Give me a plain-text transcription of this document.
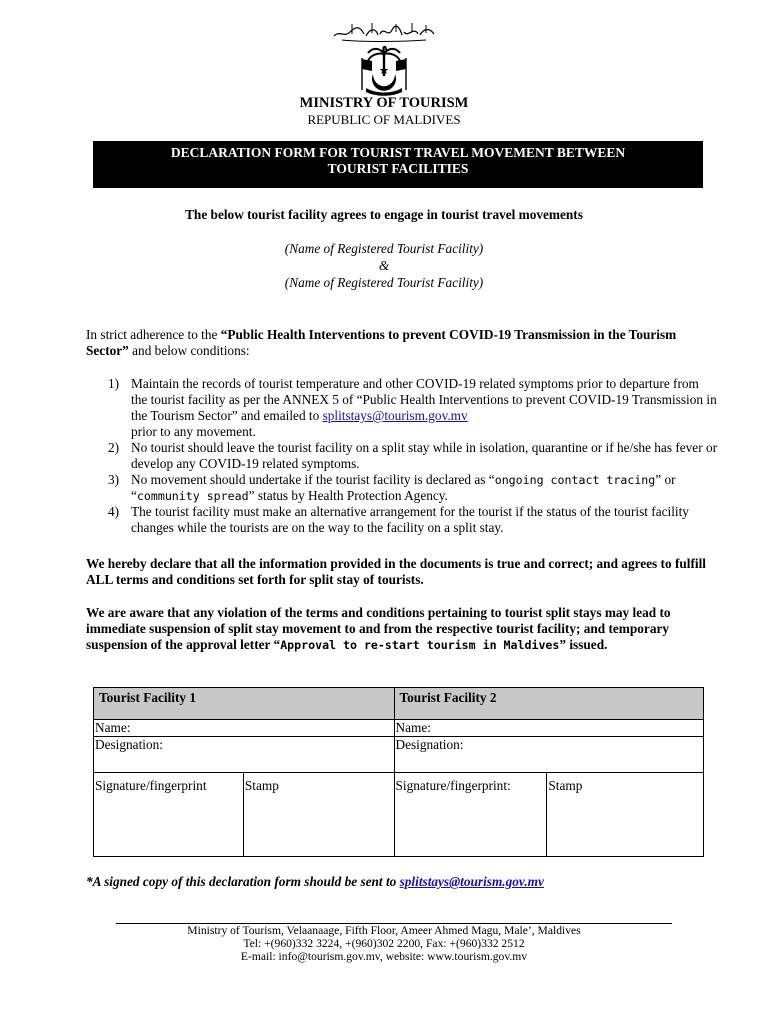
MINISTRY OF TOURISM
REPUBLIC OF MALDIVES
DECLARATION FORM FOR TOURIST TRAVEL MOVEMENT BETWEEN
TOURIST FACILITIES
The below tourist facility agrees to engage in tourist travel movements
(Name of Registered Tourist Facility)
&
(Name of Registered Tourist Facility)
In strict adherence to the “Public Health Interventions to prevent COVID-19 Transmission in the Tourism Sector” and below conditions:
1) Maintain the records of tourist temperature and other COVID-19 related symptoms prior to departure from the tourist facility as per the ANNEX 5 of “Public Health Interventions to prevent COVID-19 Transmission in the Tourism Sector” and emailed to splitstays@tourism.gov.mv
prior to any movement.
2) No tourist should leave the tourist facility on a split stay while in isolation, quarantine or if he/she has fever or develop any COVID-19 related symptoms.
3) No movement should undertake if the tourist facility is declared as “ongoing contact tracing” or “community spread” status by Health Protection Agency.
4) The tourist facility must make an alternative arrangement for the tourist if the status of the tourist facility changes while the tourists are on the way to the facility on a split stay.
We hereby declare that all the information provided in the documents is true and correct; and agrees to fulfill ALL terms and conditions set forth for split stay of tourists.
We are aware that any violation of the terms and conditions pertaining to tourist split stays may lead to immediate suspension of split stay movement to and from the respective tourist facility; and temporary suspension of the approval letter “Approval to re-start tourism in Maldives” issued.
Tourist Facility 1		Tourist Facility 2	
Name:		Name:	
Designation:		Designation:	
Signature/fingerprint	Stamp	Signature/fingerprint:	Stamp
*A signed copy of this declaration form should be sent to splitstays@tourism.gov.mv
Ministry of Tourism, Velaanaage, Fifth Floor, Ameer Ahmed Magu, Male’, Maldives
Tel: +(960)332 3224, +(960)302 2200, Fax: +(960)332 2512
E-mail: info@tourism.gov.mv, website: www.tourism.gov.mv
